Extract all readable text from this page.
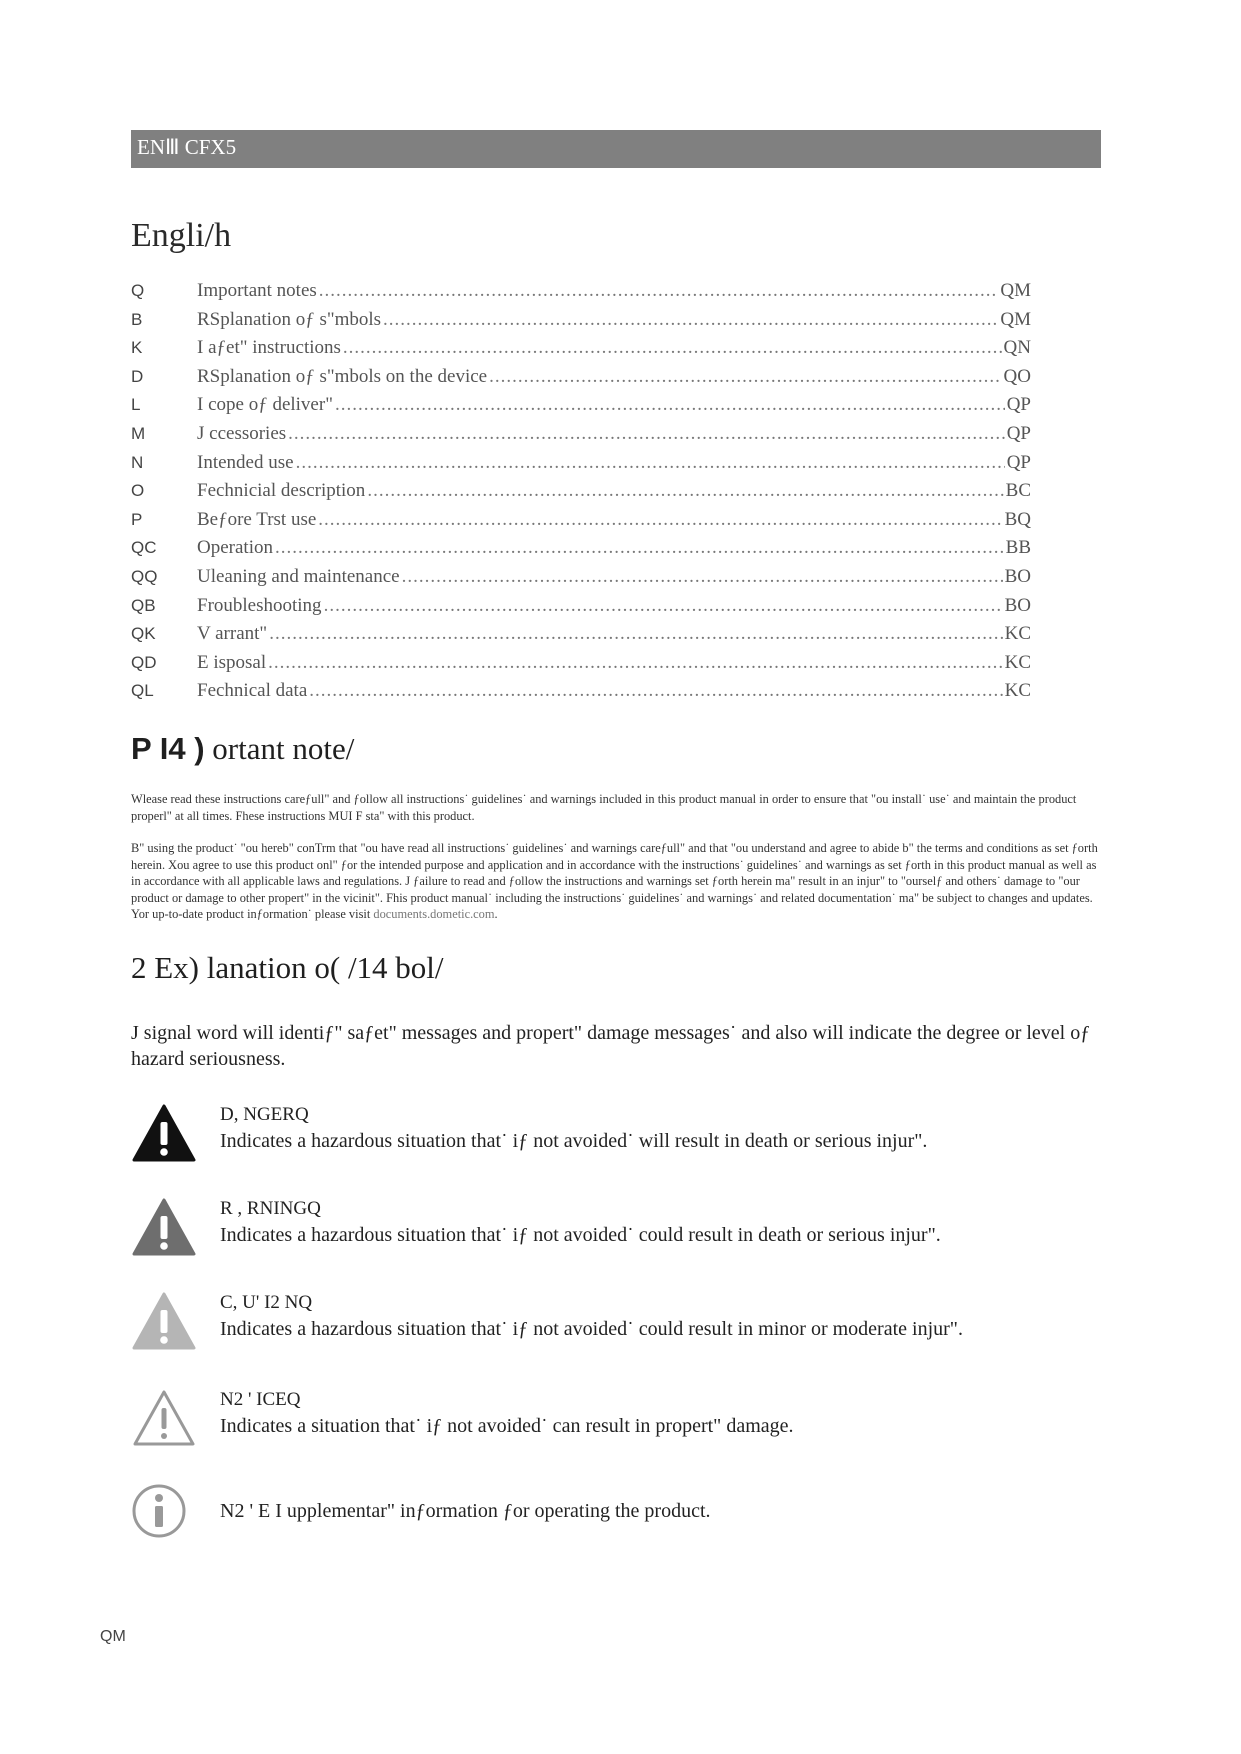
ENⅢ CFX5
Engli/h
Q	Important notes .....	QM
B	RSplanation oƒ s"mbols .....	QM
K	I aƒet" instructions .....	QN
D	RSplanation oƒ s"mbols on the device .....	QO
L	I cope oƒ deliver" .....	QP
M	J ccessories .....	QP
N	Intended use .....	QP
O	Fechnicial description .....	BC
P	Beƒore Trst use .....	BQ
QC	Operation .....	BB
QQ	Uleaning and maintenance .....	BO
QB	Froubleshooting .....	BO
QK	V arrant" .....	KC
QD	E isposal .....	KC
QL	Fechnical data .....	KC
P I4 ) ortant note/

Wlease read these instructions careƒull" and ƒollow all instructions˙ guidelines˙ and warnings included in this product manual in order to ensure that "ou install˙ use˙ and maintain the product properl" at all times. Fhese instructions MUI F sta" with this product.

B" using the product˙ "ou hereb" conTrm that "ou have read all instructions˙ guidelines˙ and warnings careƒull" and that "ou understand and agree to abide b" the terms and conditions as set ƒorth herein. Xou agree to use this product onl" ƒor the intended purpose and application and in accordance with the instructions˙ guidelines˙ and warnings as set ƒorth in this product manual as well as in accordance with all applicable laws and regulations. J ƒailure to read and ƒollow the instructions and warnings set ƒorth herein ma" result in an injur" to "ourselƒ and others˙ damage to "our product or damage to other propert" in the vicinit". Fhis product manual˙ including the instructions˙ guidelines˙ and warnings˙ and related documentation˙ ma" be subject to changes and updates. Yor up-to-date product inƒormation˙ please visit documents.dometic.com.

2 Ex) lanation o( /14 bol/

J signal word will identiƒ" saƒet" messages and propert" damage messages˙ and also will indicate the degree or level oƒ hazard seriousness.

D, NGERQ
Indicates a hazardous situation that˙ iƒ not avoided˙ will result in death or serious injur".
R , RNINGQ
Indicates a hazardous situation that˙ iƒ not avoided˙ could result in death or serious injur".
C, U' I2 NQ
Indicates a hazardous situation that˙ iƒ not avoided˙ could result in minor or moderate injur".
N2 ' ICEQ
Indicates a situation that˙ iƒ not avoided˙ can result in propert" damage.
N2 ' E I upplementar" inƒormation ƒor operating the product.
QM
